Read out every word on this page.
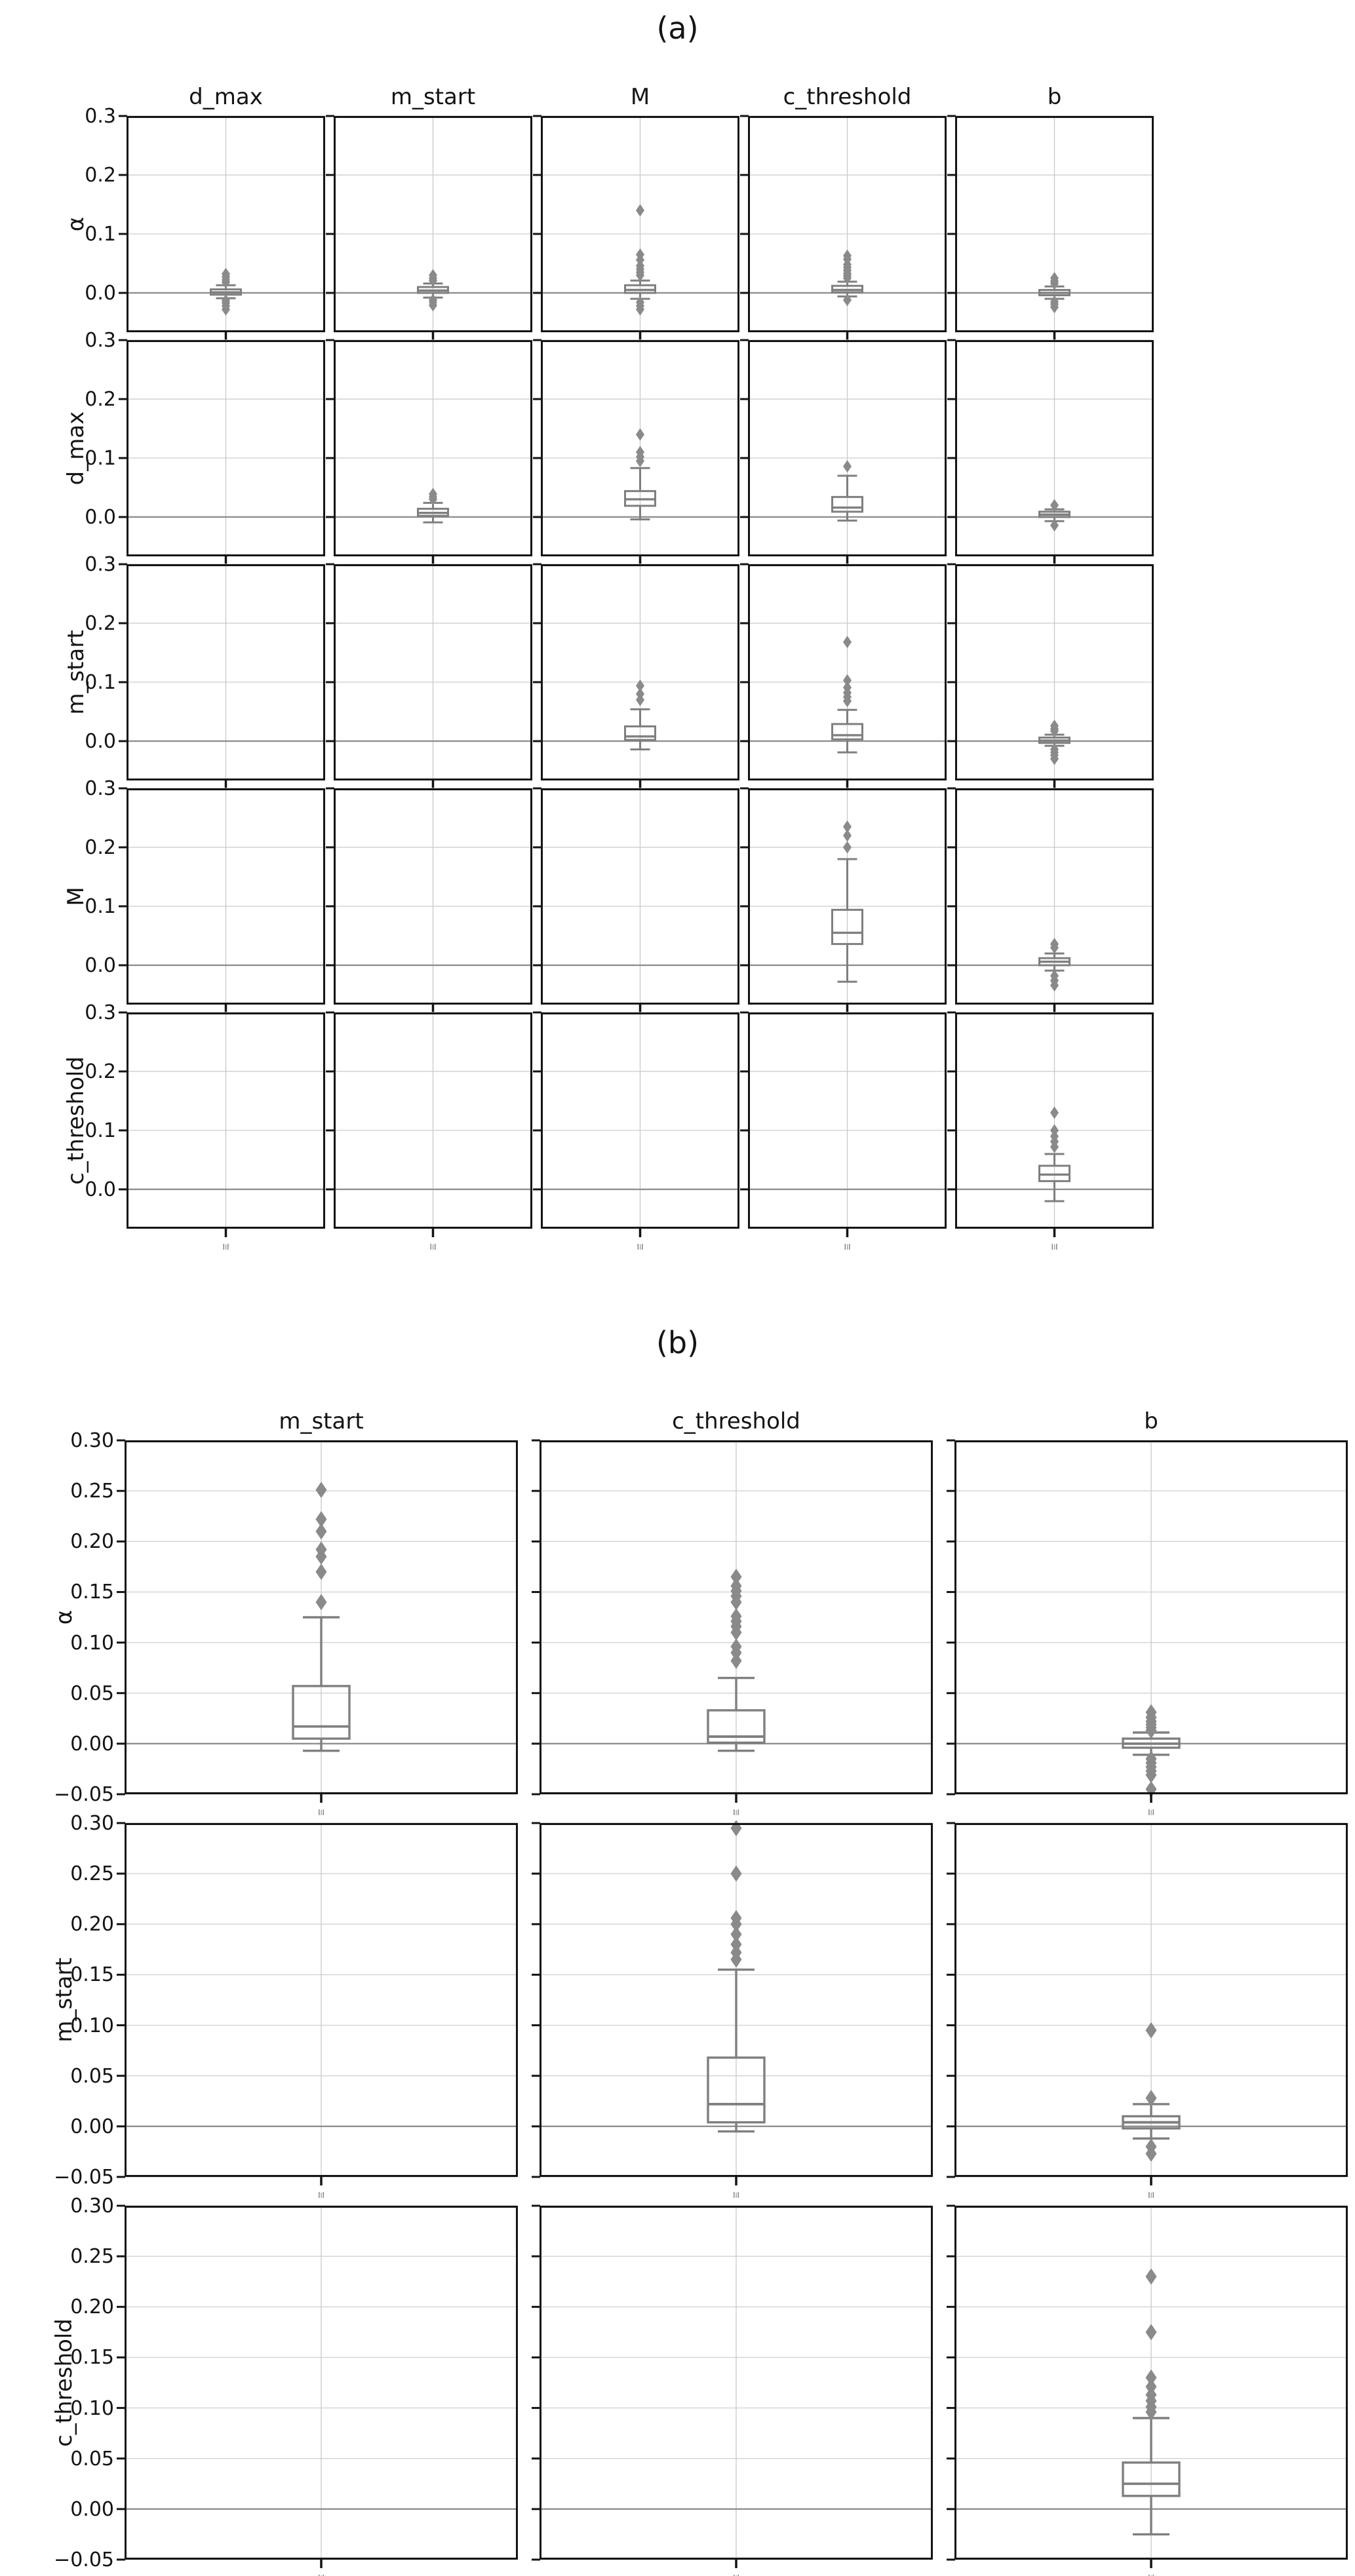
(a)
d_max	m_start	M	c_threshold	b
α
0.3
0.2
0.1
0.0
d_max
0.3
0.2
0.1
0.0
m_start
0.3
0.2
0.1
0.0
M
0.3
0.2
0.1
0.0
c_threshold
0.3
0.2
0.1
0.0
(b)
m_start	c_threshold	b
α
0.30
0.25
0.20
0.15
0.10
0.05
0.00
−0.05
m_start
0.30
0.25
0.20
0.15
0.10
0.05
0.00
−0.05
c_threshold
0.30
0.25
0.20
0.15
0.10
0.05
0.00
−0.05
